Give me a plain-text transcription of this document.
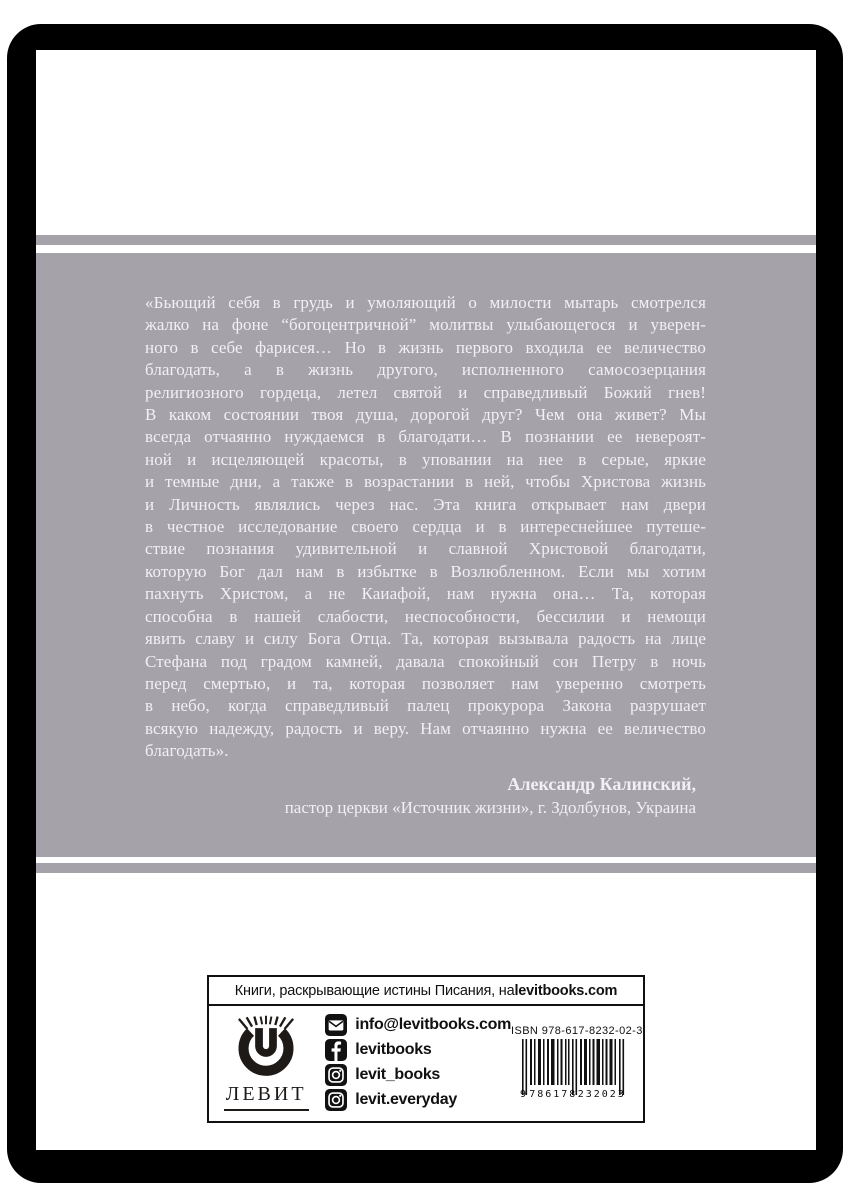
«Бьющий себя в грудь и умоляющий о милости мытарь смотрелся
жалко на фоне “богоцентричной” молитвы улыбающегося и уверен-
ного в себе фарисея… Но в жизнь первого входила ее величество
благодать, а в жизнь другого, исполненного самосозерцания
религиозного гордеца, летел святой и справедливый Божий гнев!
В каком состоянии твоя душа, дорогой друг? Чем она живет? Мы
всегда отчаянно нуждаемся в благодати… В познании ее невероят-
ной и исцеляющей красоты, в уповании на нее в серые, яркие
и темные дни, а также в возрастании в ней, чтобы Христова жизнь
и Личность являлись через нас. Эта книга открывает нам двери
в честное исследование своего сердца и в интереснейшее путеше-
ствие познания удивительной и славной Христовой благодати,
которую Бог дал нам в избытке в Возлюбленном. Если мы хотим
пахнуть Христом, а не Каиафой, нам нужна она… Та, которая
способна в нашей слабости, неспособности, бессилии и немощи
явить славу и силу Бога Отца. Та, которая вызывала радость на лице
Стефана под градом камней, давала спокойный сон Петру в ночь
перед смертью, и та, которая позволяет нам уверенно смотреть
в небо, когда справедливый палец прокурора Закона разрушает
всякую надежду, радость и веру. Нам отчаянно нужна ее величество
благодать».
Александр Калинский,
пастор церкви «Источник жизни», г. Здолбунов, Украина
Книги, раскрывающие истины Писания, на levitbooks.com
ЛЕВИТ
info@levitbooks.com
levitbooks
levit_books
levit.everyday
ISBN 978-617-8232-02-3
9 786178 232023
